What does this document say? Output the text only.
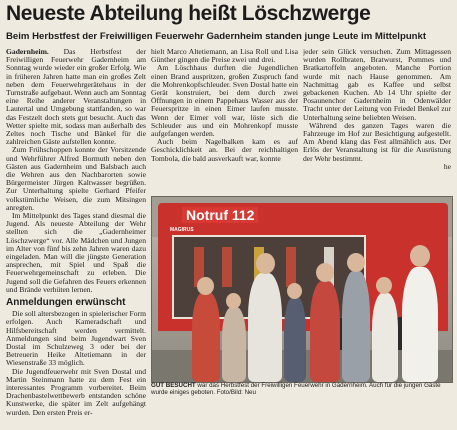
Neueste Abteilung heißt Löschzwerge
Beim Herbstfest der Freiwilligen Feuerwehr Gadernheim standen junge Leute im Mittelpunkt

Gadernheim. Das Herbstfest der Freiwilligen Feuerwehr Gadernheim am Sonntag wurde wieder ein großer Erfolg. Wie in früheren Jahren hatte man ein großes Zelt neben dem Feuerwehrgerätehaus in der Turnstraße aufgebaut. Wenn auch am Sonntag eine Reihe anderer Veranstaltungen in Lautertal und Umgebung stattfanden, so war das Festzelt doch stets gut besucht. Auch das Wetter spielte mit, sodass man außerhalb des Zeltes noch Tische und Bänkel für die zahlreichen Gäste aufstellen konnte.

Zum Frühschoppen konnte der Vorsitzende und Wehrführer Alfred Bormuth neben den Gästen aus Gadernheim und Balsbach auch die Wehren aus den Nachbarorten sowie Bürgermeister Jürgen Kaltwasser begrüßen. Zur Unterhaltung spielte Gerhard Pfeifer volkstümliche Weisen, die zum Mitsingen anregten.

Im Mittelpunkt des Tages stand diesmal die Jugend. Als neueste Abteilung der Wehr stellten sich die „Gadernheimer Löschzwerge“ vor. Alle Mädchen und Jungen im Alter von fünf bis zehn Jahren waren dazu eingeladen. Man will die jüngste Generation ansprechen, mit Spiel und Spaß die Feuerwehrgemeinschaft zu erleben. Die Jugend soll die Gefahren des Feuers erkennen und Brände verhüten lernen.

Anmeldungen erwünscht

Die soll altersbezogen in spielerischer Form erfolgen. Auch Kameradschaft und Hilfsbereitschaft werden vermittelt. Anmeldungen sind beim Jugendwart Sven Dostal im Schulzeweg 3 oder bei der Betreuerin Heike Altetiemann in der Wiesenstraße 33 möglich.

Die Jugendfeuerwehr mit Sven Dostal und Martin Steinmann hatte zu dem Fest ein interessantes Programm vorbereitet. Beim Drachenbastelwettbewerb entstanden schöne Kunstwerke, die später im Zelt aufgehängt wurden. Den ersten Preis er-

hielt Marco Altetiemann, an Lisa Roll und Lisa Günther gingen die Preise zwei und drei.

Am Löschhaus durften die Jugendlichen einen Brand auspritzen, großen Zuspruch fand die Mohrenkopfschleuder. Sven Dostal hatte ein Gerät konstruiert, bei dem durch zwei Öffnungen in einem Pappehaus Wasser aus der Feuerspritze in einen Eimer laufen musste. Wenn der Eimer voll war, löste sich die Schleuder aus und ein Mohrenkopf musste aufgefangen werden.

Auch beim Nagelbalken kam es auf Geschicklichkeit an. Bei der reichhaltigen Tombola, die bald ausverkauft war, konnte

jeder sein Glück versuchen. Zum Mittagessen wurden Rollbraten, Bratwurst, Pommes und Bratkartoffeln angeboten. Manche Portion wurde mit nach Hause genommen. Am Nachmittag gab es Kaffee und selbst gebackenen Kuchen. Ab 14 Uhr spielte der Posaunenchor Gadernheim in Odenwälder Tracht unter der Leitung von Friedel Benkel zur Unterhaltung seine beliebten Weisen.

Während des ganzen Tages waren die Fahrzeuge im Hof zur Besichtigung aufgestellt. Am Abend klang das Fest allmählich aus. Der Erlös der Veranstaltung ist für die Ausrüstung der Wehr bestimmt.

he

Notruf 112
MAGIRUS
GUT BESUCHT war das Herbstfest der Freiwilligen Feuerwehr in Gadernheim. Auch für die jungen Gäste wurde einiges geboten. Foto/Bild: Neu
